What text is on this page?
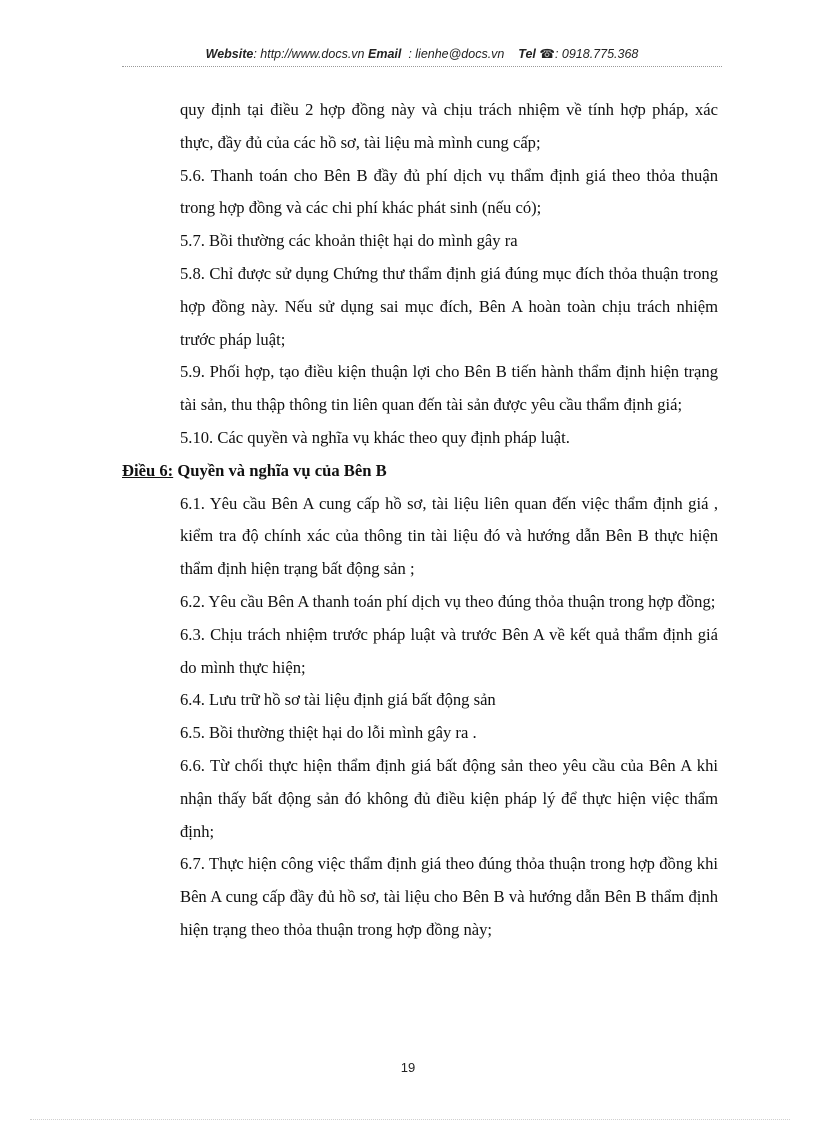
Website: http://www.docs.vn Email : lienhe@docs.vn Tel ☎: 0918.775.368

quy định tại điều 2 hợp đồng này và chịu trách nhiệm về tính hợp pháp, xác thực, đầy đủ của các hồ sơ, tài liệu mà mình cung cấp;

5.6. Thanh toán cho Bên B đầy đủ phí dịch vụ thẩm định giá theo thỏa thuận trong hợp đồng và các chi phí khác phát sinh (nếu có);

5.7. Bồi thường các khoản thiệt hại do mình gây ra

5.8. Chỉ được sử dụng Chứng thư thẩm định giá đúng mục đích thỏa thuận trong hợp đồng này. Nếu sử dụng sai mục đích, Bên A hoàn toàn chịu trách nhiệm trước pháp luật;

5.9. Phối hợp, tạo điều kiện thuận lợi cho Bên B tiến hành thẩm định hiện trạng tài sản, thu thập thông tin liên quan đến tài sản được yêu cầu thẩm định giá;

5.10. Các quyền và nghĩa vụ khác theo quy định pháp luật.

Điều 6: Quyền và nghĩa vụ của Bên B

6.1. Yêu cầu Bên A cung cấp hồ sơ, tài liệu liên quan đến việc thẩm định giá , kiểm tra độ chính xác của thông tin tài liệu đó và hướng dẫn Bên B thực hiện thẩm định hiện trạng bất động sản ;

6.2. Yêu cầu Bên A thanh toán phí dịch vụ theo đúng thỏa thuận trong hợp đồng;

6.3. Chịu trách nhiệm trước pháp luật và trước Bên A về kết quả thẩm định giá do mình thực hiện;

6.4. Lưu trữ hồ sơ tài liệu định giá bất động sản

6.5. Bồi thường thiệt hại do lỗi mình gây ra .

6.6. Từ chối thực hiện thẩm định giá bất động sản theo yêu cầu của Bên A khi nhận thấy bất động sản đó không đủ điều kiện pháp lý để thực hiện việc thẩm định;

6.7. Thực hiện công việc thẩm định giá theo đúng thỏa thuận trong hợp đồng khi Bên A cung cấp đầy đủ hồ sơ, tài liệu cho Bên B và hướng dẫn Bên B thẩm định hiện trạng theo thỏa thuận trong hợp đồng này;

19
